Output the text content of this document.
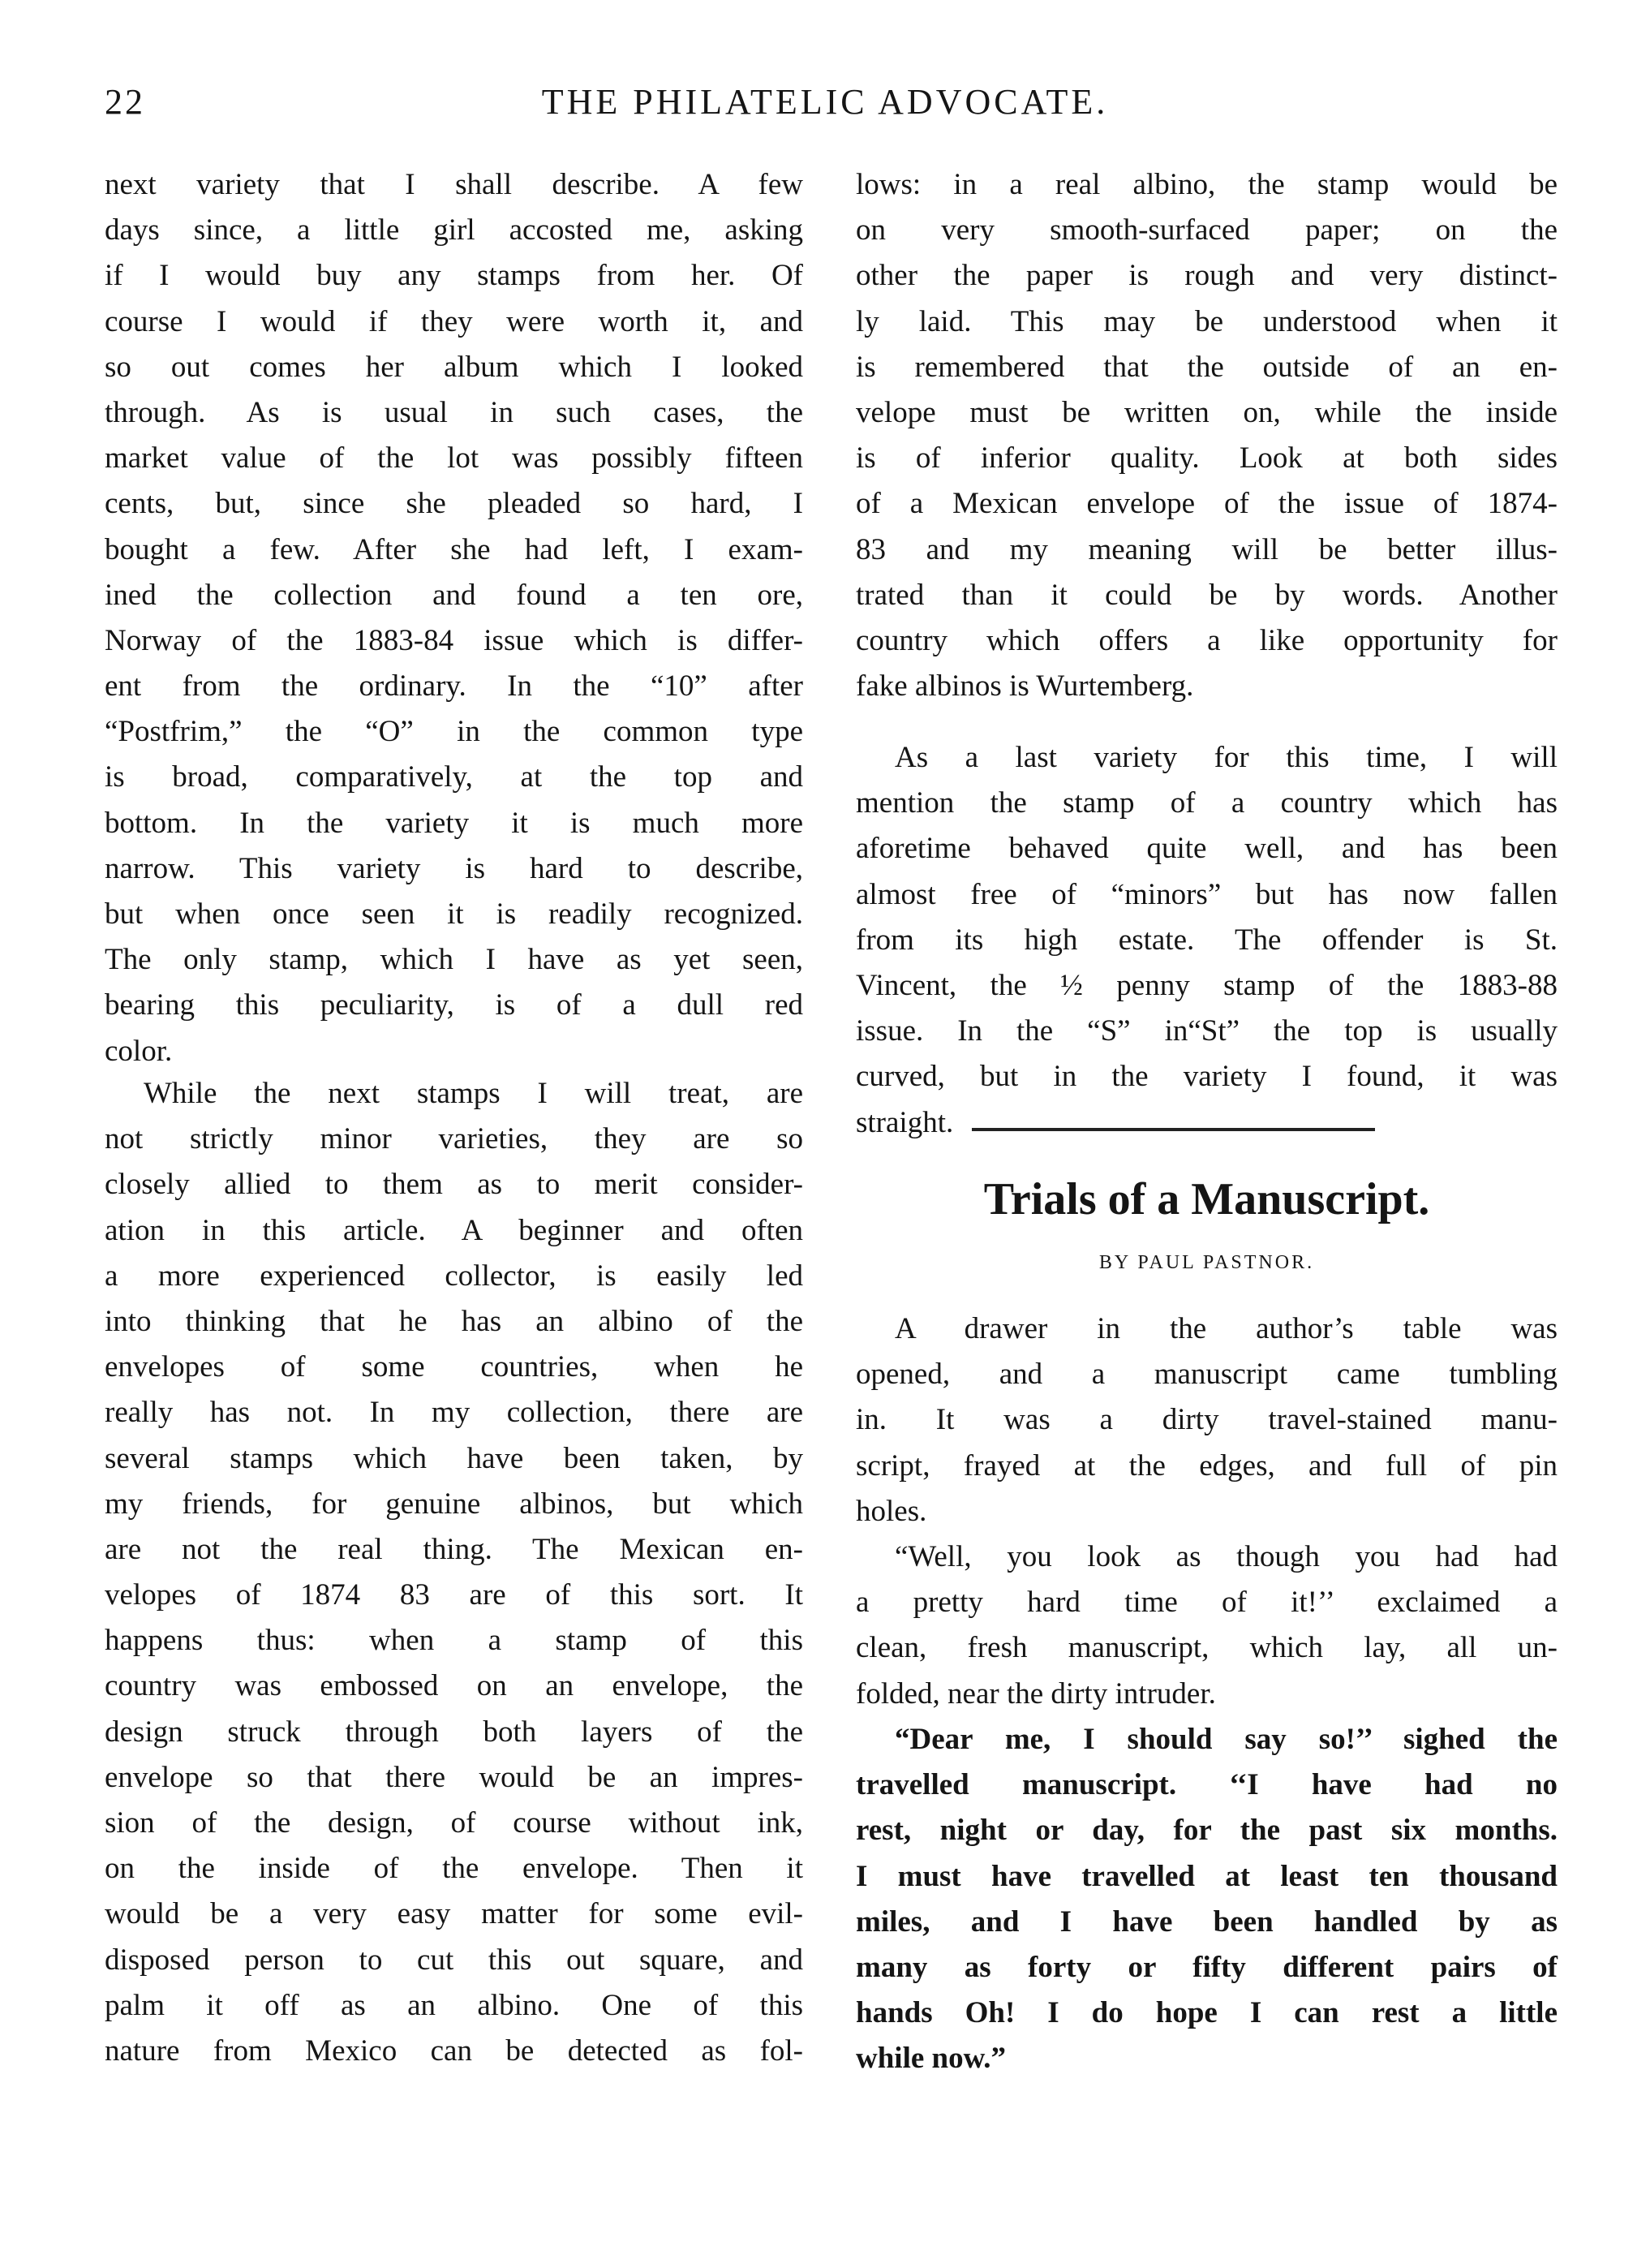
22	THE PHILATELIC ADVOCATE.
next variety that I shall describe. A few
days since, a little girl accosted me, asking
if I would buy any stamps from her. Of
course I would if they were worth it, and
so out comes her album which I looked
through. As is usual in such cases, the
market value of the lot was possibly fifteen
cents, but, since she pleaded so hard, I
bought a few. After she had left, I exam-
ined the collection and found a ten ore,
Norway of the 1883-84 issue which is differ-
ent from the ordinary. In the “10” after
“Postfrim,” the “O” in the common type
is broad, comparatively, at the top and
bottom. In the variety it is much more
narrow. This variety is hard to describe,
but when once seen it is readily recognized.
The only stamp, which I have as yet seen,
bearing this peculiarity, is of a dull red
color.
While the next stamps I will treat, are
not strictly minor varieties, they are so
closely allied to them as to merit consider-
ation in this article. A beginner and often
a more experienced collector, is easily led
into thinking that he has an albino of the
envelopes of some countries, when he
really has not. In my collection, there are
several stamps which have been taken, by
my friends, for genuine albinos, but which
are not the real thing. The Mexican en-
velopes of 1874 83 are of this sort. It
happens thus: when a stamp of this
country was embossed on an envelope, the
design struck through both layers of the
envelope so that there would be an impres-
sion of the design, of course without ink,
on the inside of the envelope. Then it
would be a very easy matter for some evil-
disposed person to cut this out square, and
palm it off as an albino. One of this
nature from Mexico can be detected as fol-
lows: in a real albino, the stamp would be
on very smooth-surfaced paper; on the
other the paper is rough and very distinct-
ly laid. This may be understood when it
is remembered that the outside of an en-
velope must be written on, while the inside
is of inferior quality. Look at both sides
of a Mexican envelope of the issue of 1874-
83 and my meaning will be better illus-
trated than it could be by words. Another
country which offers a like opportunity for
fake albinos is Wurtemberg.
As a last variety for this time, I will
mention the stamp of a country which has
aforetime behaved quite well, and has been
almost free of “minors” but has now fallen
from its high estate. The offender is St.
Vincent, the ½ penny stamp of the 1883-88
issue. In the “S” in“St” the top is usually
curved, but in the variety I found, it was
straight.
Trials of a Manuscript.
BY PAUL PASTNOR.
A drawer in the author’s table was
opened, and a manuscript came tumbling
in. It was a dirty travel-stained manu-
script, frayed at the edges, and full of pin
holes.
“Well, you look as though you had had
a pretty hard time of it!’’ exclaimed a
clean, fresh manuscript, which lay, all un-
folded, near the dirty intruder.
“Dear me, I should say so!’’ sighed the
travelled manuscript. ‘‘I have had no
rest, night or day, for the past six months.
I must have travelled at least ten thousand
miles, and I have been handled by as
many as forty or fifty different pairs of
hands Oh! I do hope I can rest a little
while now.”
